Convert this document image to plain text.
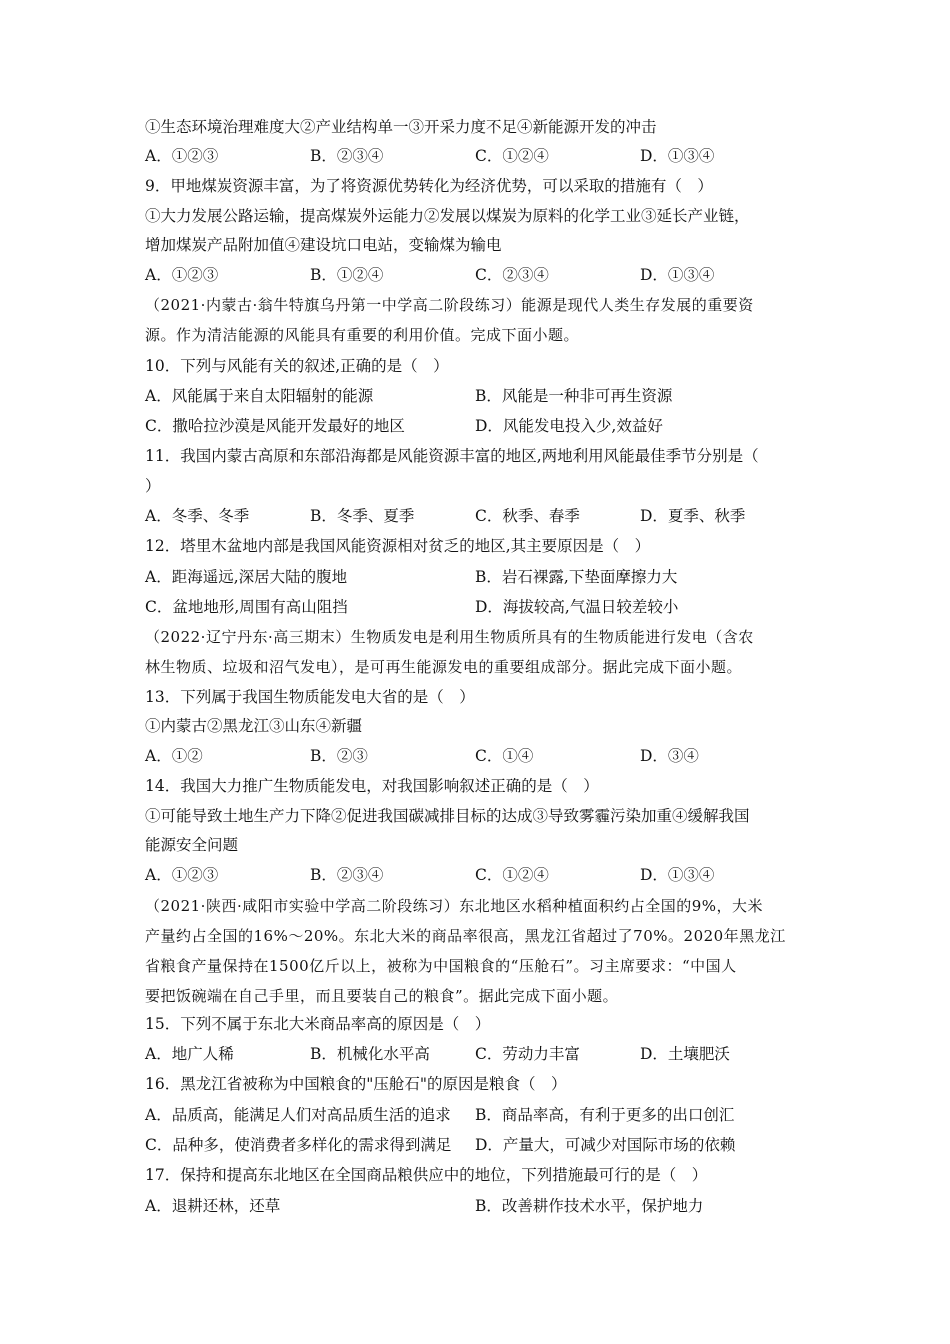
①生态环境治理难度大②产业结构单一③开采力度不足④新能源开发的冲击
A．①②③	B．②③④	C．①②④	D．①③④
9．甲地煤炭资源丰富，为了将资源优势转化为经济优势，可以采取的措施有（　）
①大力发展公路运输，提高煤炭外运能力②发展以煤炭为原料的化学工业③延长产业链，
增加煤炭产品附加值④建设坑口电站，变输煤为输电
A．①②③	B．①②④	C．②③④	D．①③④
（2021·内蒙古·翁牛特旗乌丹第一中学高二阶段练习）能源是现代人类生存发展的重要资
源。作为清洁能源的风能具有重要的利用价值。完成下面小题。
10．下列与风能有关的叙述,正确的是（　）
A．风能属于来自太阳辐射的能源	B．风能是一种非可再生资源
C．撒哈拉沙漠是风能开发最好的地区	D．风能发电投入少,效益好
11．我国内蒙古高原和东部沿海都是风能资源丰富的地区,两地利用风能最佳季节分别是（
）
A．冬季、冬季	B．冬季、夏季	C．秋季、春季	D．夏季、秋季
12．塔里木盆地内部是我国风能资源相对贫乏的地区,其主要原因是（　）
A．距海遥远,深居大陆的腹地	B．岩石裸露,下垫面摩擦力大
C．盆地地形,周围有高山阻挡	D．海拔较高,气温日较差较小
（2022·辽宁丹东·高三期末）生物质发电是利用生物质所具有的生物质能进行发电（含农
林生物质、垃圾和沼气发电），是可再生能源发电的重要组成部分。据此完成下面小题。
13．下列属于我国生物质能发电大省的是（　）
①内蒙古②黑龙江③山东④新疆
A．①②	B．②③	C．①④	D．③④
14．我国大力推广生物质能发电，对我国影响叙述正确的是（　）
①可能导致土地生产力下降②促进我国碳减排目标的达成③导致雾霾污染加重④缓解我国
能源安全问题
A．①②③	B．②③④	C．①②④	D．①③④
（2021·陕西·咸阳市实验中学高二阶段练习）东北地区水稻种植面积约占全国的9%，大米
产量约占全国的16%～20%。东北大米的商品率很高，黑龙江省超过了70%。2020年黑龙江
省粮食产量保持在1500亿斤以上，被称为中国粮食的“压舱石”。习主席要求：“中国人
要把饭碗端在自己手里，而且要装自己的粮食”。据此完成下面小题。
15．下列不属于东北大米商品率高的原因是（　）
A．地广人稀	B．机械化水平高	C．劳动力丰富	D．土壤肥沃
16．黑龙江省被称为中国粮食的"压舱石"的原因是粮食（　）
A．品质高，能满足人们对高品质生活的追求 B．商品率高，有利于更多的出口创汇
C．品种多，使消费者多样化的需求得到满足 D．产量大，可减少对国际市场的依赖
17．保持和提高东北地区在全国商品粮供应中的地位，下列措施最可行的是（　）
A．退耕还林，还草	B．改善耕作技术水平，保护地力
